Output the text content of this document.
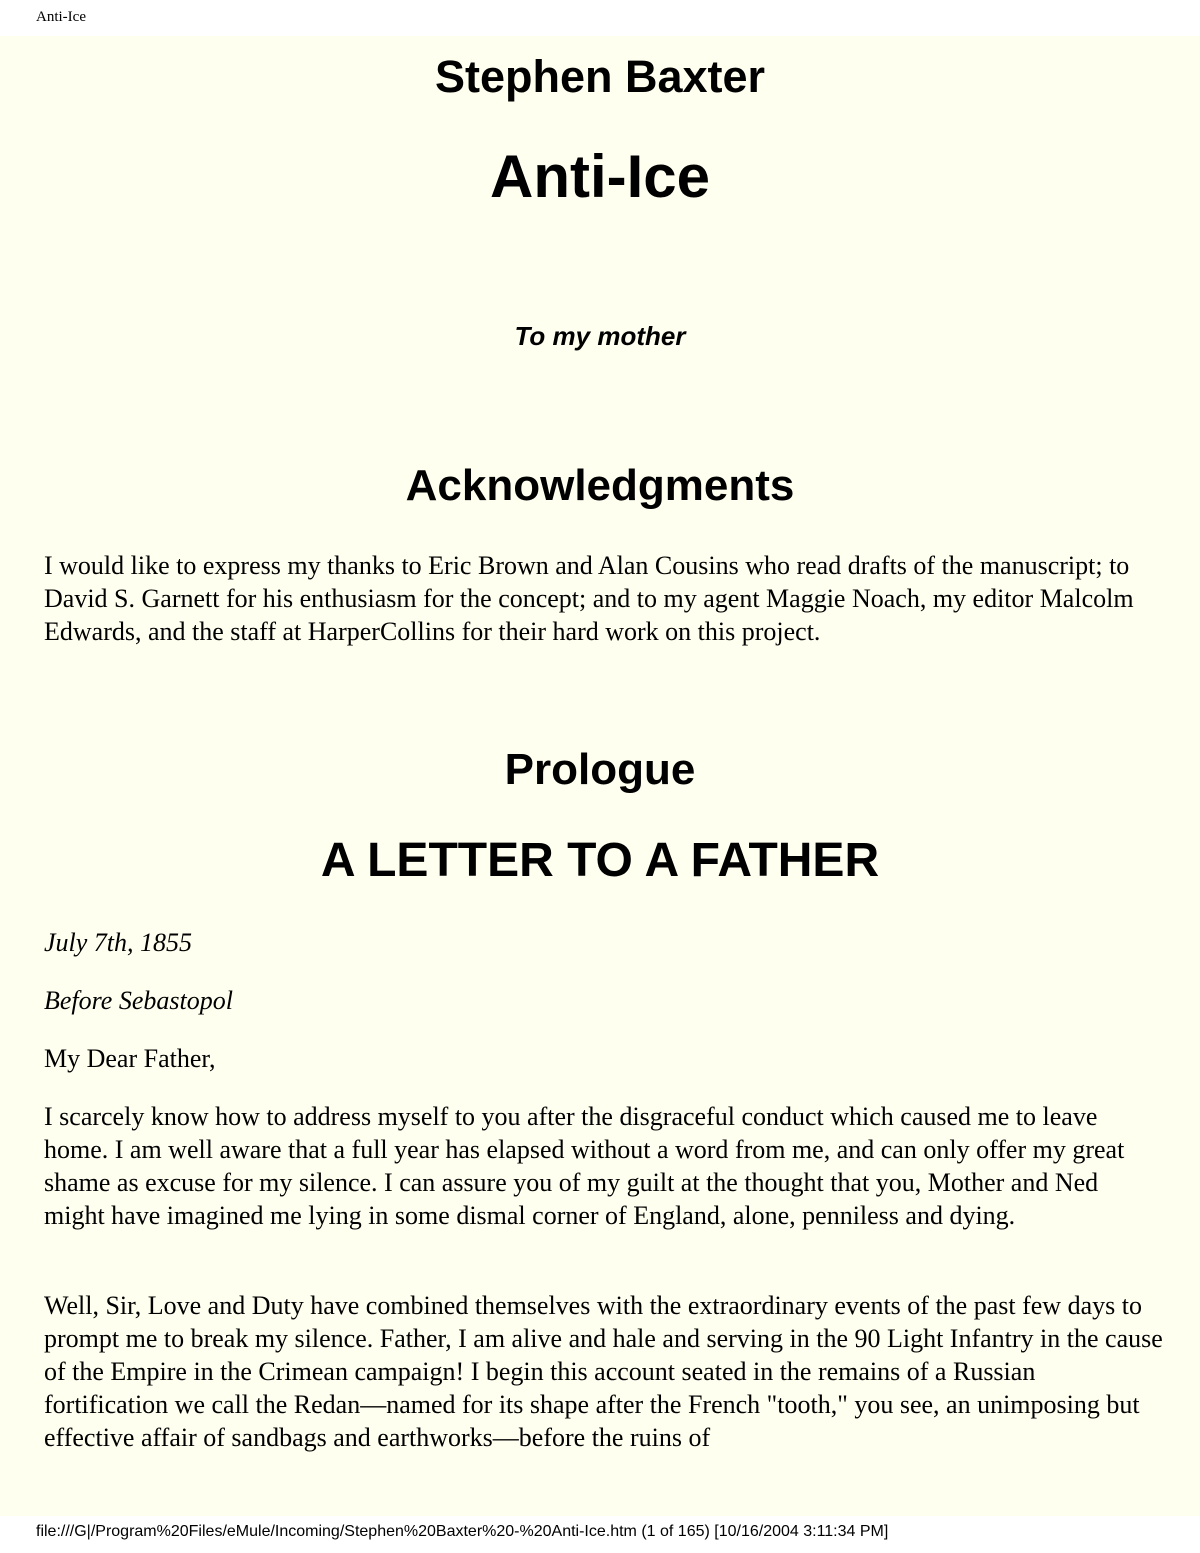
Anti-Ice
Stephen Baxter
Anti-Ice
To my mother
Acknowledgments

I would like to express my thanks to Eric Brown and Alan Cousins who read drafts of the manuscript; to David S. Garnett for his enthusiasm for the concept; and to my agent Maggie Noach, my editor Malcolm Edwards, and the staff at HarperCollins for their hard work on this project.

Prologue
A LETTER TO A FATHER

July 7th, 1855

Before Sebastopol

My Dear Father,

I scarcely know how to address myself to you after the disgraceful conduct which caused me to leave home. I am well aware that a full year has elapsed without a word from me, and can only offer my great shame as excuse for my silence. I can assure you of my guilt at the thought that you, Mother and Ned might have imagined me lying in some dismal corner of England, alone, penniless and dying.

Well, Sir, Love and Duty have combined themselves with the extraordinary events of the past few days to prompt me to break my silence. Father, I am alive and hale and serving in the 90 Light Infantry in the cause of the Empire in the Crimean campaign! I begin this account seated in the remains of a Russian fortification we call the Redan—named for its shape after the French "tooth," you see, an unimposing but effective affair of sandbags and earthworks—before the ruins of

file:///G|/Program%20Files/eMule/Incoming/Stephen%20Baxter%20-%20Anti-Ice.htm (1 of 165) [10/16/2004 3:11:34 PM]
